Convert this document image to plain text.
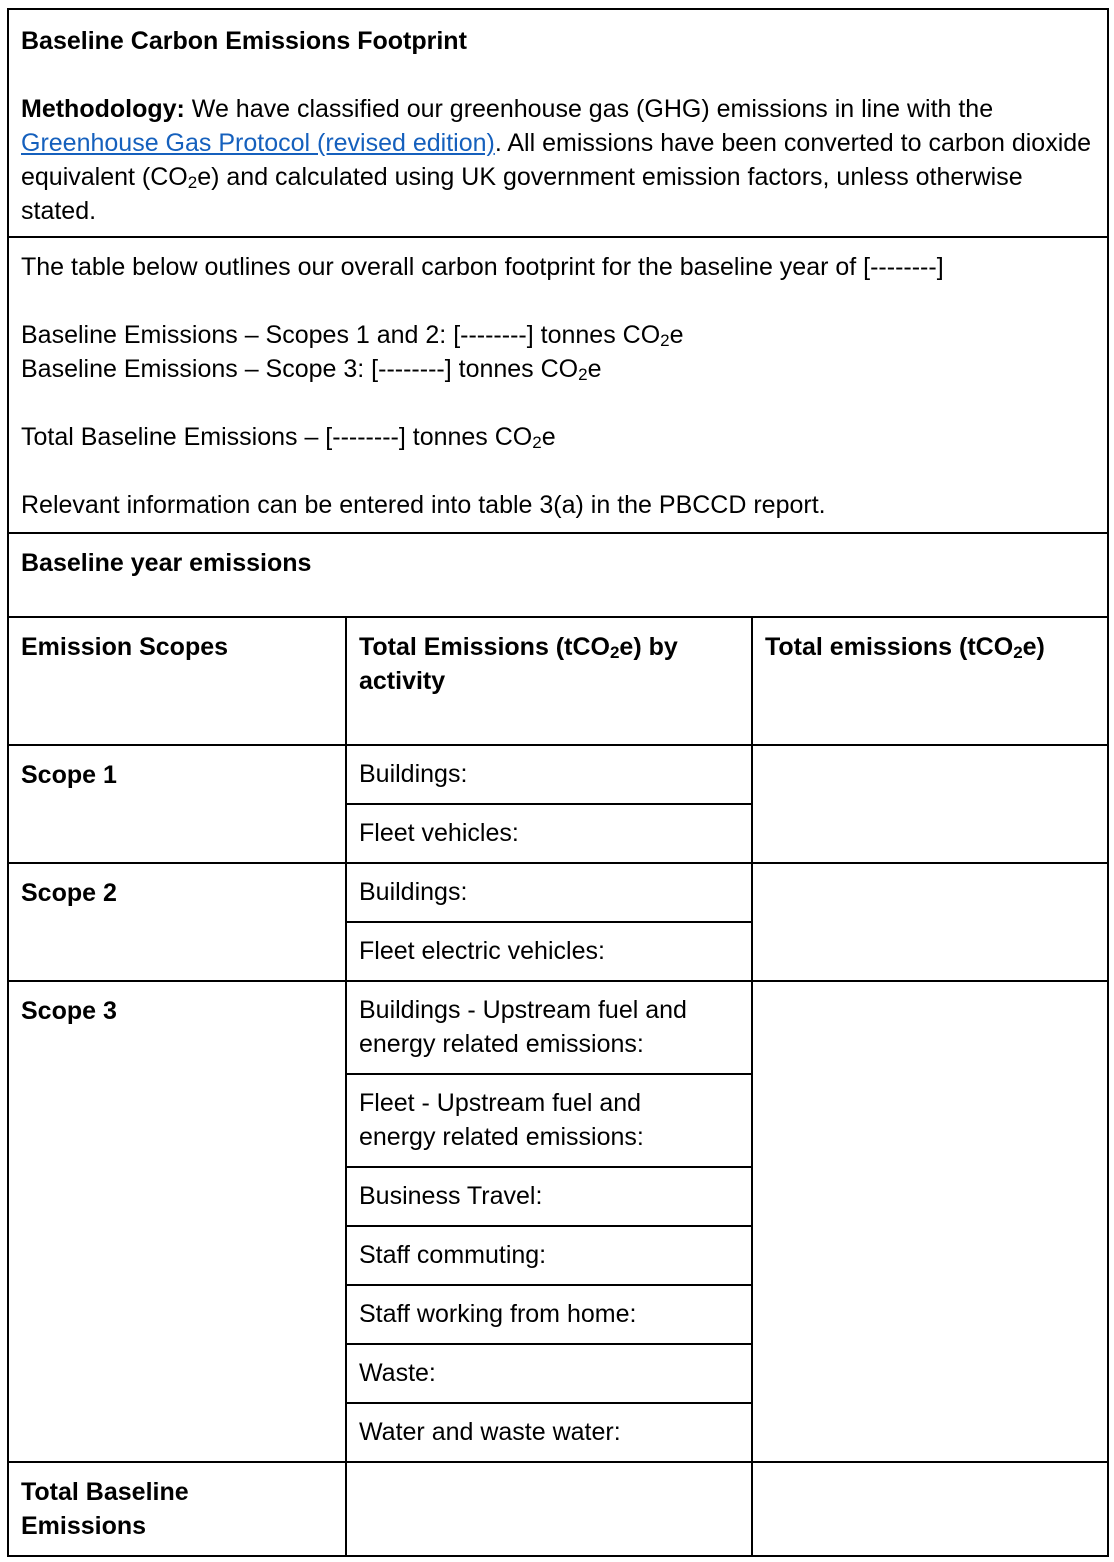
Baseline Carbon Emissions Footprint

Methodology: We have classified our greenhouse gas (GHG) emissions in line with the Greenhouse Gas Protocol (revised edition). All emissions have been converted to carbon dioxide equivalent $(CO_2e)$ and calculated using UK government emission factors, unless otherwise stated.		

The table below outlines our overall carbon footprint for the baseline year of [--------]

Baseline Emissions – Scopes 1 and 2: [--------] tonnes $CO_2e$

Baseline Emissions – Scope 3: [--------] tonnes $CO_2e$

Total Baseline Emissions – [--------] tonnes $CO_2e$

Relevant information can be entered into table 3(a) in the PBCCD report.		

Baseline year emissions		
Emission Scopes	Total Emissions (tCO$_2$e) by activity	Total emissions (tCO$_2$e)
Scope 1	Buildings:	
	Fleet vehicles:	
Scope 2	Buildings:	
	Fleet electric vehicles:	
Scope 3	Buildings - Upstream fuel and energy related emissions:	
	Fleet - Upstream fuel and energy related emissions:	
	Business Travel:	
	Staff commuting:	
	Staff working from home:	
	Waste:	
	Water and waste water:	
Total Baseline Emissions		
